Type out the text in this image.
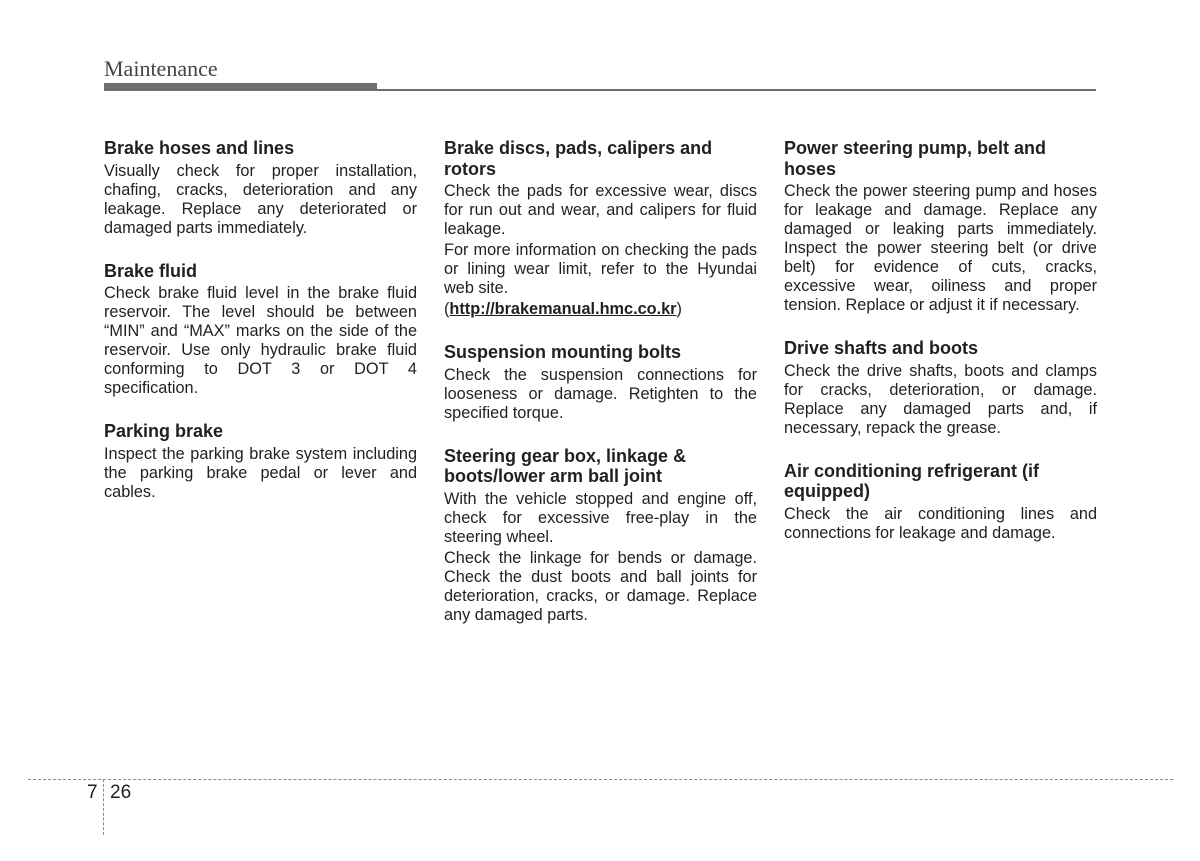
Maintenance
Brake hoses and lines

Visually check for proper installation, chafing, cracks, deterioration and any leakage. Replace any deteriorated or damaged parts immediately.

Brake fluid

Check brake fluid level in the brake fluid reservoir. The level should be between “MIN” and “MAX” marks on the side of the reservoir. Use only hydraulic brake fluid conforming to DOT 3 or DOT 4 specification.

Parking brake

Inspect the parking brake system including the parking brake pedal or lever and cables.

Brake discs, pads, calipers and rotors

Check the pads for excessive wear, discs for run out and wear, and calipers for fluid leakage.

For more information on checking the pads or lining wear limit, refer to the Hyundai web site.

(http://brakemanual.hmc.co.kr)

Suspension mounting bolts

Check the suspension connections for looseness or damage. Retighten to the specified torque.

Steering gear box, linkage & boots/lower arm ball joint

With the vehicle stopped and engine off, check for excessive free-play in the steering wheel.

Check the linkage for bends or damage. Check the dust boots and ball joints for deterioration, cracks, or damage. Replace any damaged parts.

Power steering pump, belt and hoses

Check the power steering pump and hoses for leakage and damage. Replace any damaged or leaking parts immediately. Inspect the power steering belt (or drive belt) for evidence of cuts, cracks, excessive wear, oiliness and proper tension. Replace or adjust it if necessary.

Drive shafts and boots

Check the drive shafts, boots and clamps for cracks, deterioration, or damage. Replace any damaged parts and, if necessary, repack the grease.

Air conditioning refrigerant (if equipped)

Check the air conditioning lines and connections for leakage and damage.

7 26
